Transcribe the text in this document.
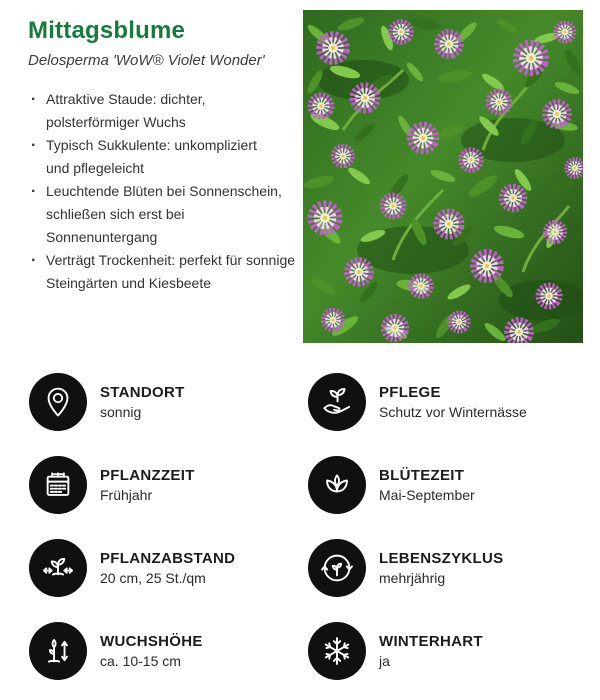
Mittagsblume
Delosperma 'WoW® Violet Wonder'
· Attraktive Staude: dichter,
polsterförmiger Wuchs
· Typisch Sukkulente: unkompliziert
und pflegeleicht
· Leuchtende Blüten bei Sonnenschein,
schließen sich erst bei Sonnenuntergang
· Verträgt Trockenheit: perfekt für sonnige
Steingärten und Kiesbeete
STANDORT
sonnig
PFLEGE
Schutz vor Winternässe
PFLANZZEIT
Frühjahr
BLÜTEZEIT
Mai-September
PFLANZABSTAND
20 cm, 25 St./qm
LEBENSZYKLUS
mehrjährig
WUCHSHÖHE
ca. 10-15 cm
WINTERHART
ja
